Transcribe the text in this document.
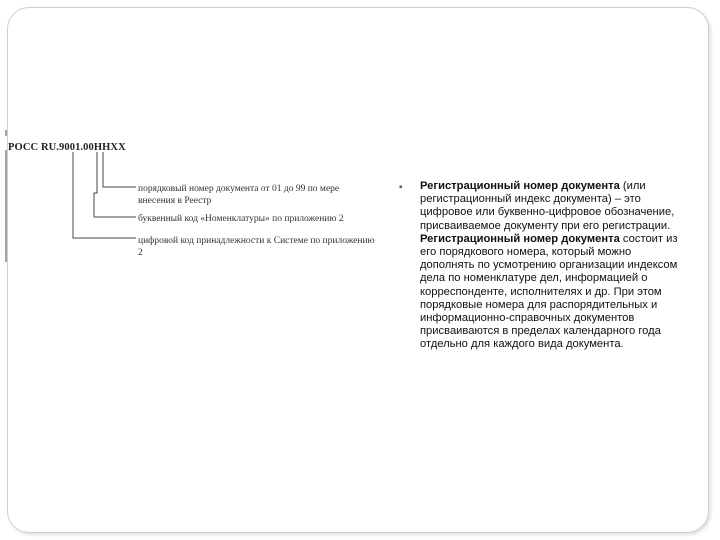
РОСС RU.9001.00ННХХ
порядковый номер документа от 01 до 99 по мере внесения в Реестр
буквенный код «Номенклатуры» по приложению 2
цифровой код принадлежности к Системе по приложению 2
▪ Регистрационный номер документа (или регистрационный индекс документа) – это цифровое или буквенно-цифровое обозначение, присваиваемое документу при его регистрации. Регистрационный номер документа состоит из его порядкового номера, который можно дополнять по усмотрению организации индексом дела по номенклатуре дел, информацией о корреспонденте, исполнителях и др. При этом порядковые номера для распорядительных и информационно-справочных документов присваиваются в пределах календарного года отдельно для каждого вида документа.
